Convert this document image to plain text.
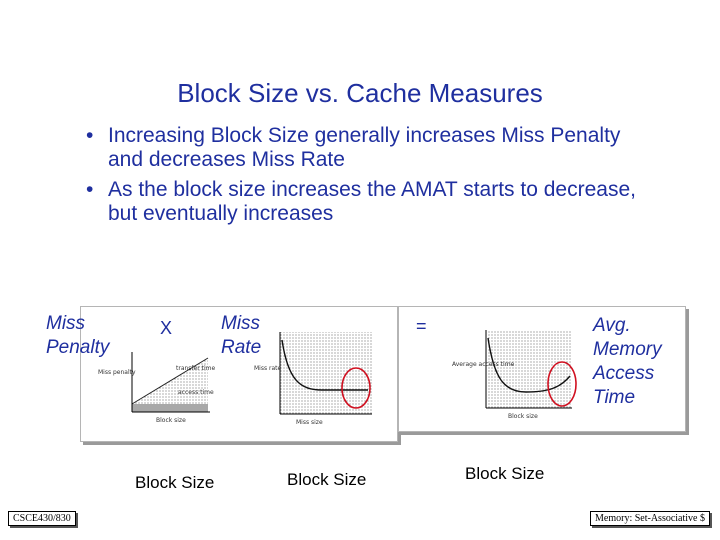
Block Size vs. Cache Measures
• Increasing Block Size generally increases Miss Penalty and decreases Miss Rate
• As the block size increases the AMAT starts to decrease, but eventually increases
Miss penalty
transfer time
access time
Block size
Miss rate
Miss size
Average access time
Block size
Miss Penalty
X	Miss Rate
=	Avg. Memory Access Time
Block Size	Block Size	Block Size
CSCE430/830	Memory: Set-Associative $
